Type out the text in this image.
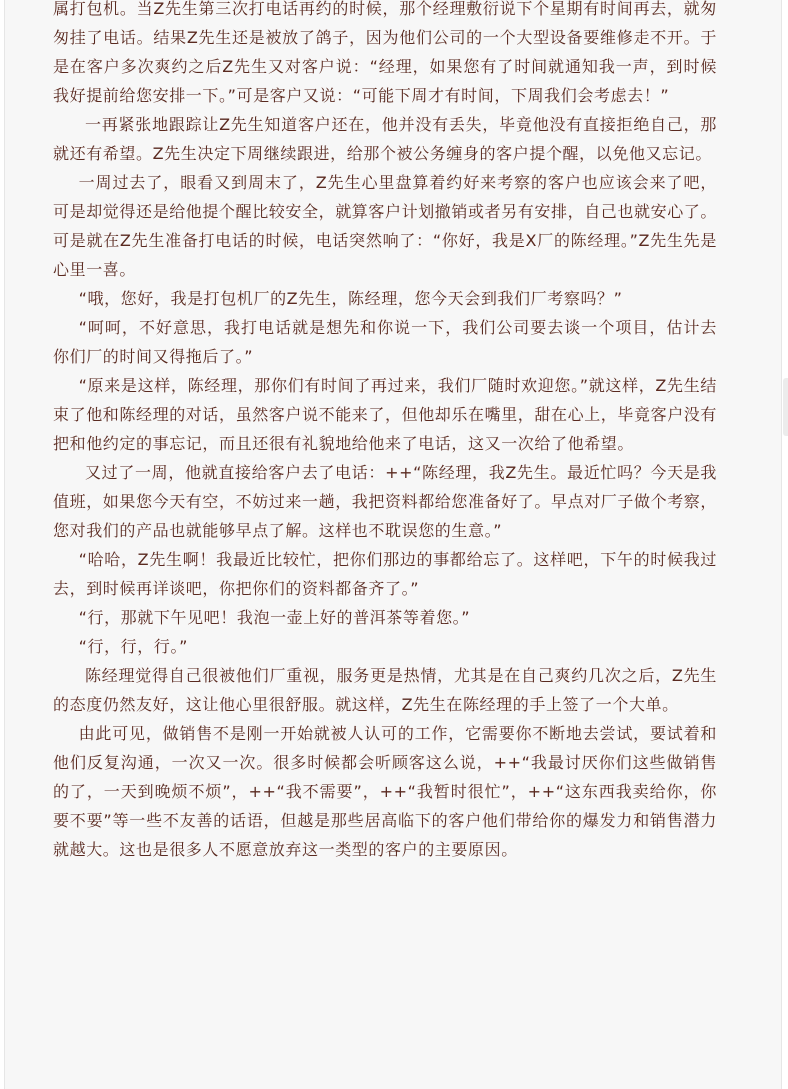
属打包机。当Z先生第三次打电话再约的时候，那个经理敷衍说下个星期有时间再去，就匆匆挂了电话。结果Z先生还是被放了鸽子，因为他们公司的一个大型设备要维修走不开。于是在客户多次爽约之后Z先生又对客户说：“经理，如果您有了时间就通知我一声，到时候我好提前给您安排一下。”可是客户又说：“可能下周才有时间，下周我们会考虑去！”

一再紧张地跟踪让Z先生知道客户还在，他并没有丢失，毕竟他没有直接拒绝自己，那就还有希望。Z先生决定下周继续跟进，给那个被公务缠身的客户提个醒，以免他又忘记。

一周过去了，眼看又到周末了，Z先生心里盘算着约好来考察的客户也应该会来了吧，可是却觉得还是给他提个醒比较安全，就算客户计划撤销或者另有安排，自己也就安心了。可是就在Z先生准备打电话的时候，电话突然响了：“你好，我是X厂的陈经理。”Z先生先是心里一喜。

“哦，您好，我是打包机厂的Z先生，陈经理，您今天会到我们厂考察吗？”

“呵呵，不好意思，我打电话就是想先和你说一下，我们公司要去谈一个项目，估计去你们厂的时间又得拖后了。”

“原来是这样，陈经理，那你们有时间了再过来，我们厂随时欢迎您。”就这样，Z先生结束了他和陈经理的对话，虽然客户说不能来了，但他却乐在嘴里，甜在心上，毕竟客户没有把和他约定的事忘记，而且还很有礼貌地给他来了电话，这又一次给了他希望。

又过了一周，他就直接给客户去了电话：++“陈经理，我Z先生。最近忙吗？今天是我值班，如果您今天有空，不妨过来一趟，我把资料都给您准备好了。早点对厂子做个考察，您对我们的产品也就能够早点了解。这样也不耽误您的生意。”

“哈哈，Z先生啊！我最近比较忙，把你们那边的事都给忘了。这样吧，下午的时候我过去，到时候再详谈吧，你把你们的资料都备齐了。”

“行，那就下午见吧！我泡一壶上好的普洱茶等着您。”

“行，行，行。”

陈经理觉得自己很被他们厂重视，服务更是热情，尤其是在自己爽约几次之后，Z先生的态度仍然友好，这让他心里很舒服。就这样，Z先生在陈经理的手上签了一个大单。

由此可见，做销售不是刚一开始就被人认可的工作，它需要你不断地去尝试，要试着和他们反复沟通，一次又一次。很多时候都会听顾客这么说，++“我最讨厌你们这些做销售的了，一天到晚烦不烦”，++“我不需要”，++“我暂时很忙”，++“这东西我卖给你，你要不要”等一些不友善的话语，但越是那些居高临下的客户他们带给你的爆发力和销售潜力就越大。这也是很多人不愿意放弃这一类型的客户的主要原因。
